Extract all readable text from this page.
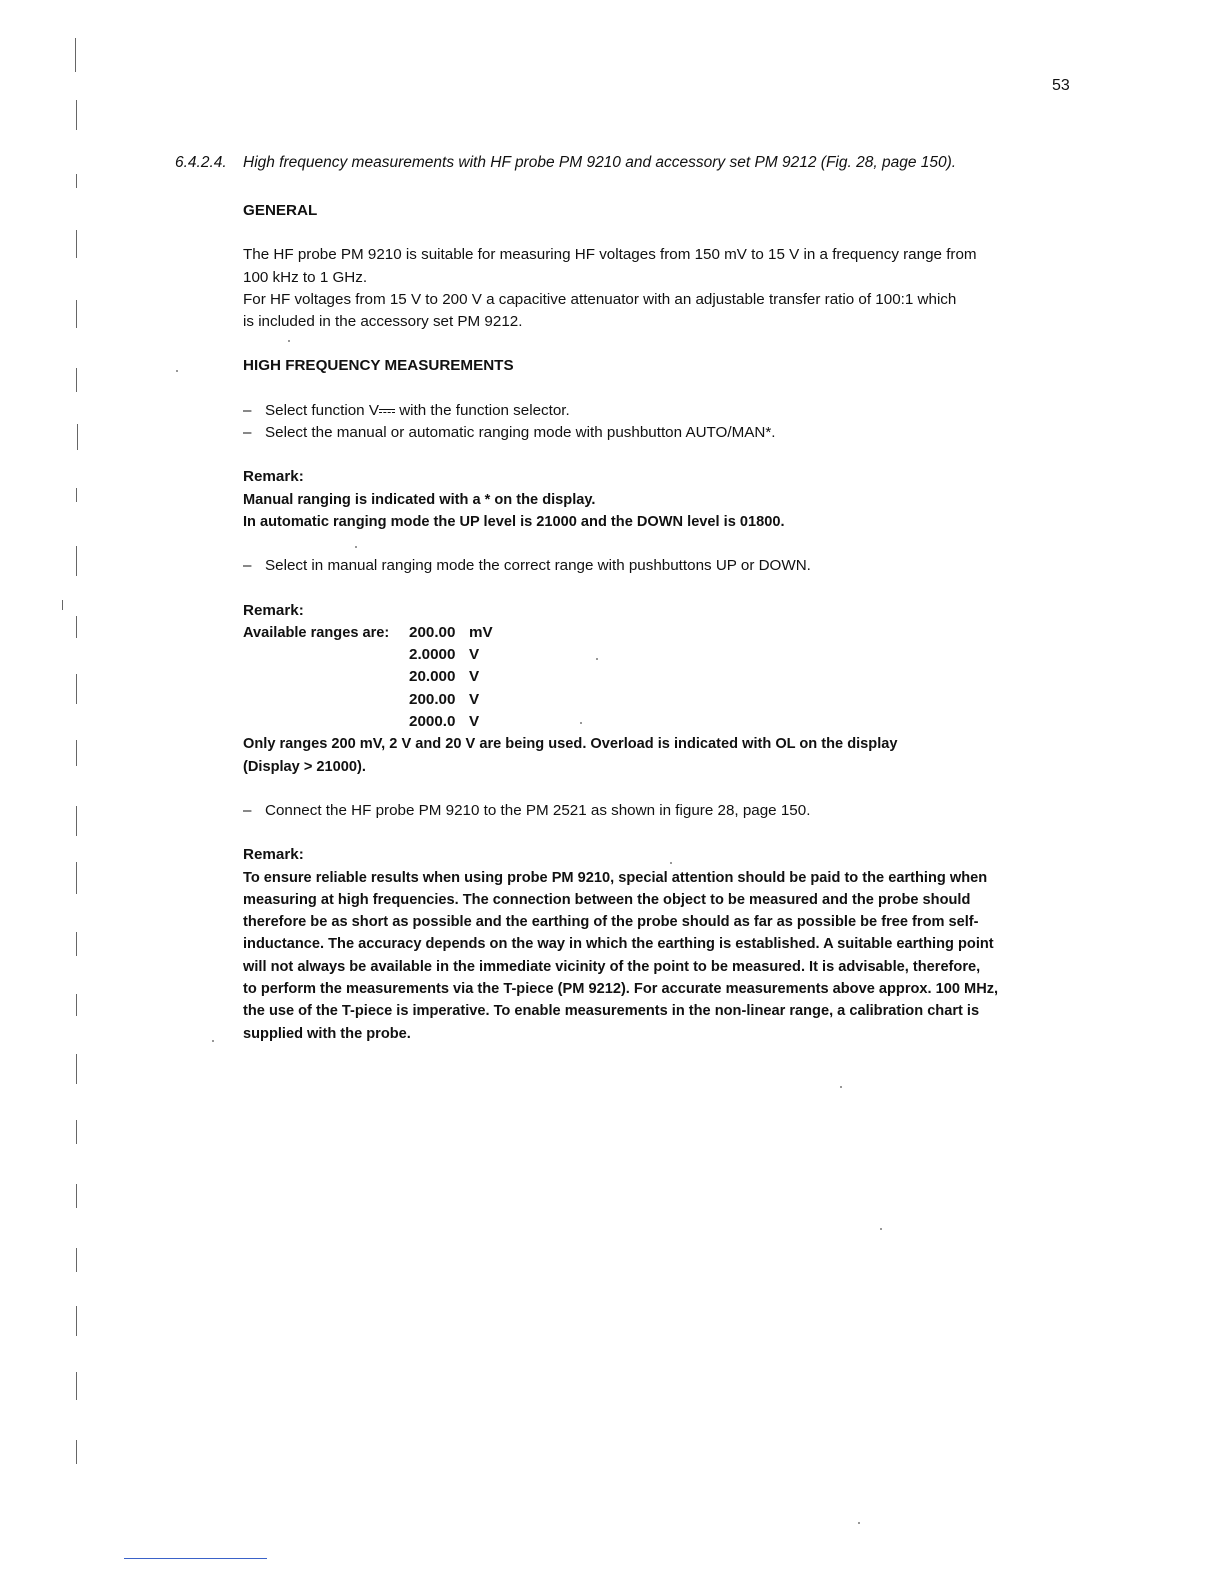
53
6.4.2.4. High frequency measurements with HF probe PM 9210 and accessory set PM 9212 (Fig. 28, page 150).

GENERAL

The HF probe PM 9210 is suitable for measuring HF voltages from 150 mV to 15 V in a frequency range from

100 kHz to 1 GHz.

For HF voltages from 15 V to 200 V a capacitive attenuator with an adjustable transfer ratio of 100:1 which

is included in the accessory set PM 9212.

HIGH FREQUENCY MEASUREMENTS

– Select function V with the function selector.

– Select the manual or automatic ranging mode with pushbutton AUTO/MAN*.

Remark:

Manual ranging is indicated with a * on the display.

In automatic ranging mode the UP level is 21000 and the DOWN level is 01800.

– Select in manual ranging mode the correct range with pushbuttons UP or DOWN.

Remark:

Available ranges are:	200.00	mV
	2.0000	V
	20.000	V
	200.00	V
	2000.0	V

Only ranges 200 mV, 2 V and 20 V are being used. Overload is indicated with OL on the display

(Display > 21000).

– Connect the HF probe PM 9210 to the PM 2521 as shown in figure 28, page 150.

Remark:

To ensure reliable results when using probe PM 9210, special attention should be paid to the earthing when

measuring at high frequencies. The connection between the object to be measured and the probe should

therefore be as short as possible and the earthing of the probe should as far as possible be free from self-

inductance. The accuracy depends on the way in which the earthing is established. A suitable earthing point

will not always be available in the immediate vicinity of the point to be measured. It is advisable, therefore,

to perform the measurements via the T-piece (PM 9212). For accurate measurements above approx. 100 MHz,

the use of the T-piece is imperative. To enable measurements in the non-linear range, a calibration chart is

supplied with the probe.
